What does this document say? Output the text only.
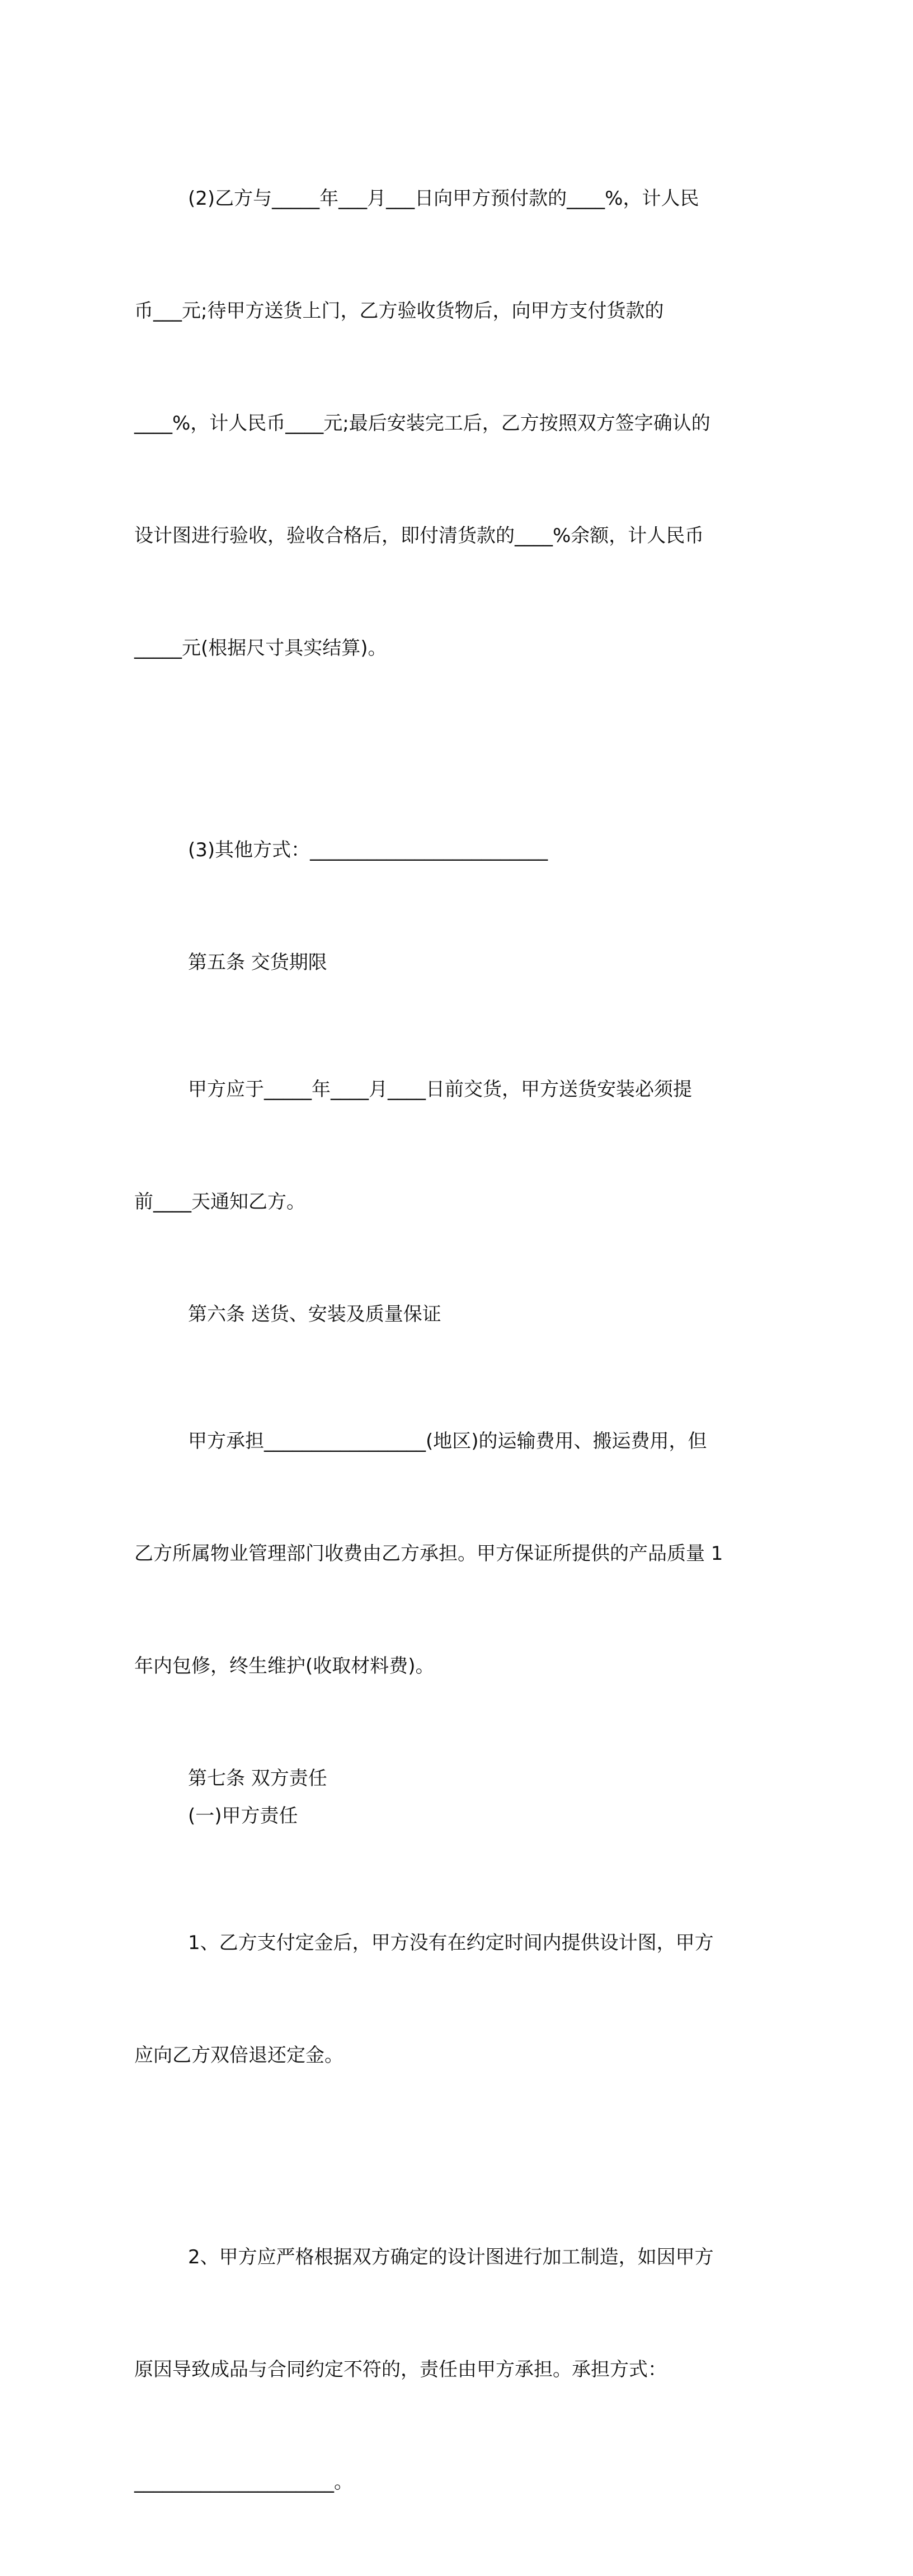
(2)乙方与_____年___月___日向甲方预付款的____%，计人民

币___元;待甲方送货上门，乙方验收货物后，向甲方支付货款的

____%，计人民币____元;最后安装完工后，乙方按照双方签字确认的

设计图进行验收，验收合格后，即付清货款的____%余额，计人民币

_____元(根据尺寸具实结算)。

(3)其他方式：_________________________

第五条 交货期限

甲方应于_____年____月____日前交货，甲方送货安装必须提

前____天通知乙方。

第六条 送货、安装及质量保证

甲方承担_________________(地区)的运输费用、搬运费用，但

乙方所属物业管理部门收费由乙方承担。甲方保证所提供的产品质量 1

年内包修，终生维护(收取材料费)。

第七条 双方责任
(一)甲方责任

1、乙方支付定金后，甲方没有在约定时间内提供设计图，甲方

应向乙方双倍退还定金。

2、甲方应严格根据双方确定的设计图进行加工制造，如因甲方

原因导致成品与合同约定不符的，责任由甲方承担。承担方式：

_____________________。
